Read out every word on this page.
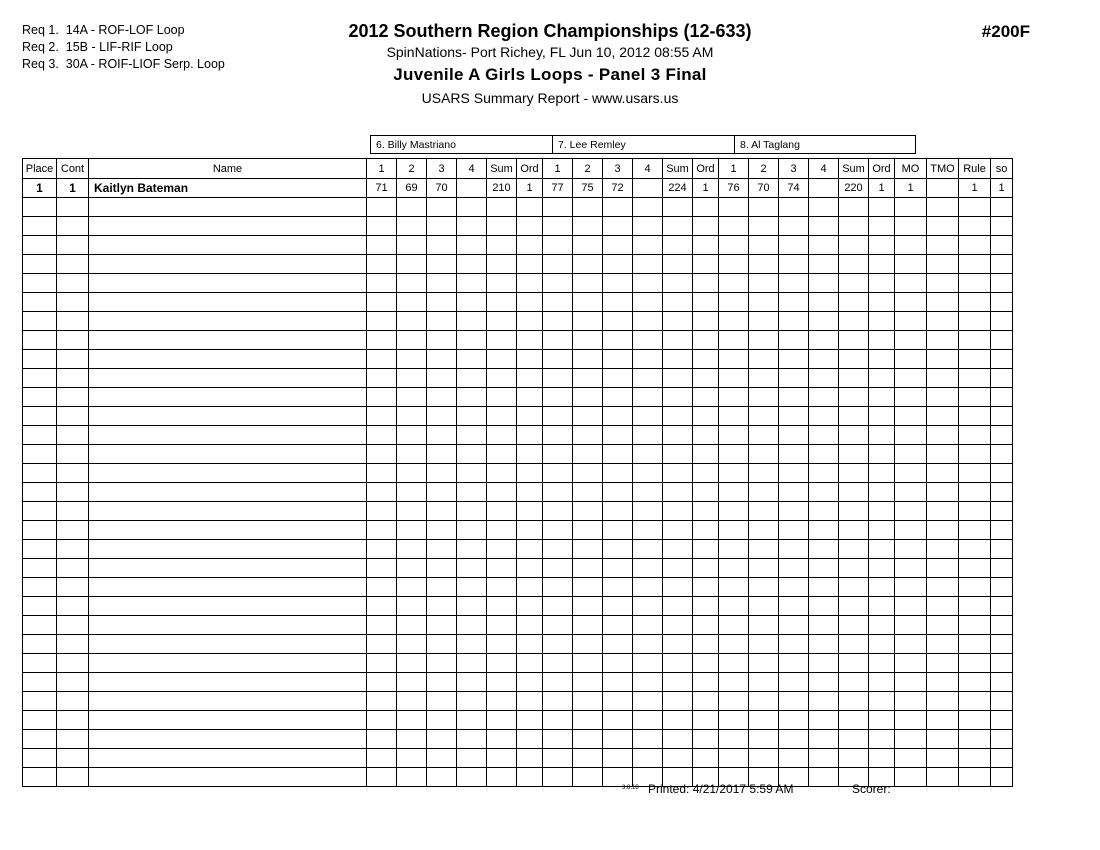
Req 1.  14A - ROF-LOF Loop
Req 2.  15B - LIF-RIF Loop
Req 3.  30A - ROIF-LIOF Serp. Loop
2012 Southern Region Championships (12-633)
SpinNations- Port Richey, FL Jun 10, 2012 08:55 AM
Juvenile A Girls Loops - Panel 3 Final
USARS Summary Report - www.usars.us
#200F
6. Billy Mastriano	7. Lee Remley	8. Al Taglang
Place	Cont	Name	1	2	3	4	Sum	Ord	1	2	3	4	Sum	Ord	1	2	3	4	Sum	Ord	MO	TMO	Rule	so
1	1	Kaitlyn Bateman	71	69	70		210	1	77	75	72		224	1	76	70	74		220	1	1		1	1

3.8.18 Printed: 4/21/2017 5:59 AM	Scorer:
